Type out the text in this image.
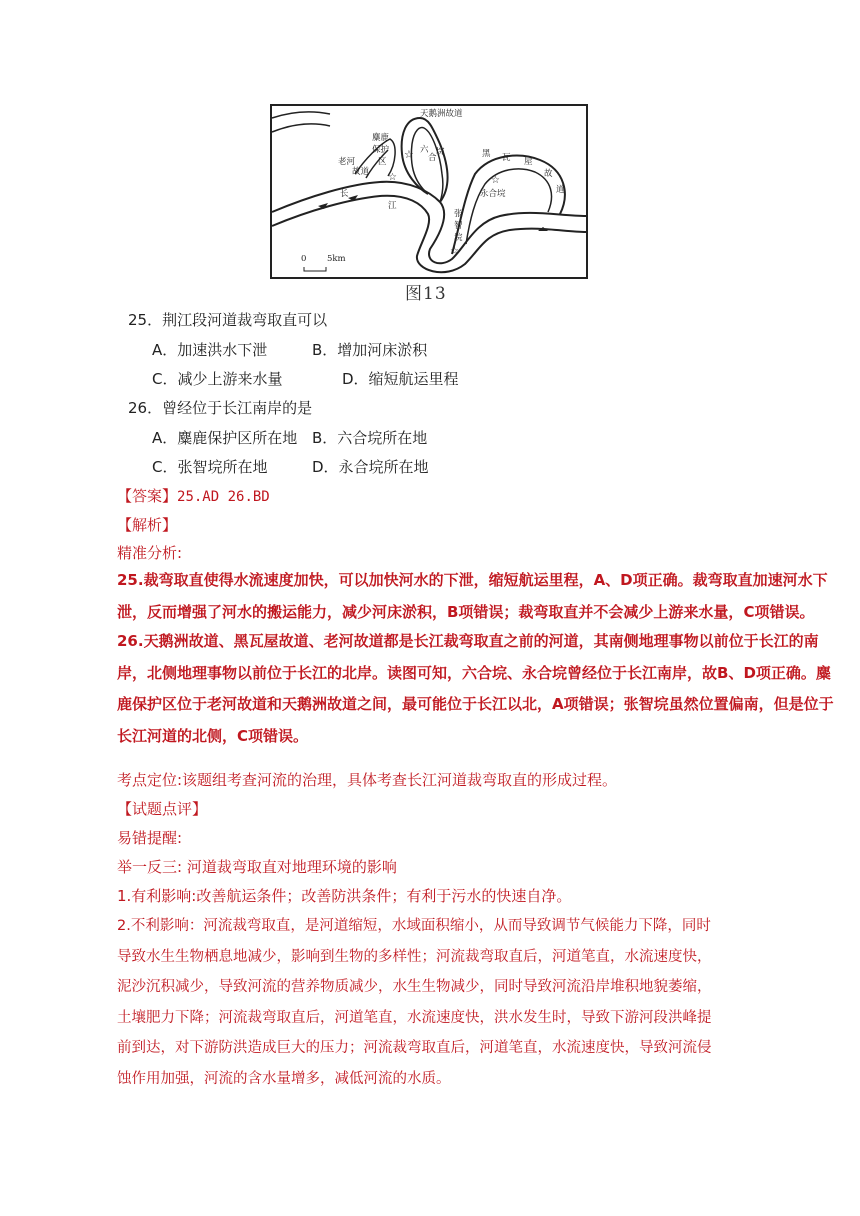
☆
☆	☆
☆
天鹅洲故道
麋鹿
保护
区
老河
故道
六
合
垸	黑 瓦 屋
故
道
永合垸
张
智
垸
长
江
0 5km
图13
25．荆江段河道裁弯取直可以
A．加速洪水下泄	B．增加河床淤积
C．减少上游来水量	D．缩短航运里程
26．曾经位于长江南岸的是
A．麋鹿保护区所在地 B．六合垸所在地
C．张智垸所在地	D．永合垸所在地
【答案】25.AD 26.BD
【解析】
精准分析:
25.裁弯取直使得水流速度加快，可以加快河水的下泄，缩短航运里程，A、D项正确。裁弯取直加速河水下泄，反而增强了河水的搬运能力，减少河床淤积，B项错误；裁弯取直并不会减少上游来水量，C项错误。
26.天鹅洲故道、黑瓦屋故道、老河故道都是长江裁弯取直之前的河道，其南侧地理事物以前位于长江的南岸，北侧地理事物以前位于长江的北岸。读图可知，六合垸、永合垸曾经位于长江南岸，故B、D项正确。麋鹿保护区位于老河故道和天鹅洲故道之间，最可能位于长江以北，A项错误；张智垸虽然位置偏南，但是位于长江河道的北侧，C项错误。
考点定位:该题组考查河流的治理，具体考查长江河道裁弯取直的形成过程。
【试题点评】
易错提醒:
举一反三: 河道裁弯取直对地理环境的影响
1.有利影响:改善航运条件；改善防洪条件；有利于污水的快速自净。
2.不利影响：河流裁弯取直，是河道缩短，水域面积缩小，从而导致调节气候能力下降，同时导致水生生物栖息地减少，影响到生物的多样性；河流裁弯取直后，河道笔直，水流速度快，泥沙沉积减少，导致河流的营养物质减少，水生生物减少，同时导致河流沿岸堆积地貌萎缩，土壤肥力下降；河流裁弯取直后，河道笔直，水流速度快，洪水发生时，导致下游河段洪峰提前到达，对下游防洪造成巨大的压力；河流裁弯取直后，河道笔直，水流速度快，导致河流侵蚀作用加强，河流的含水量增多，减低河流的水质。
